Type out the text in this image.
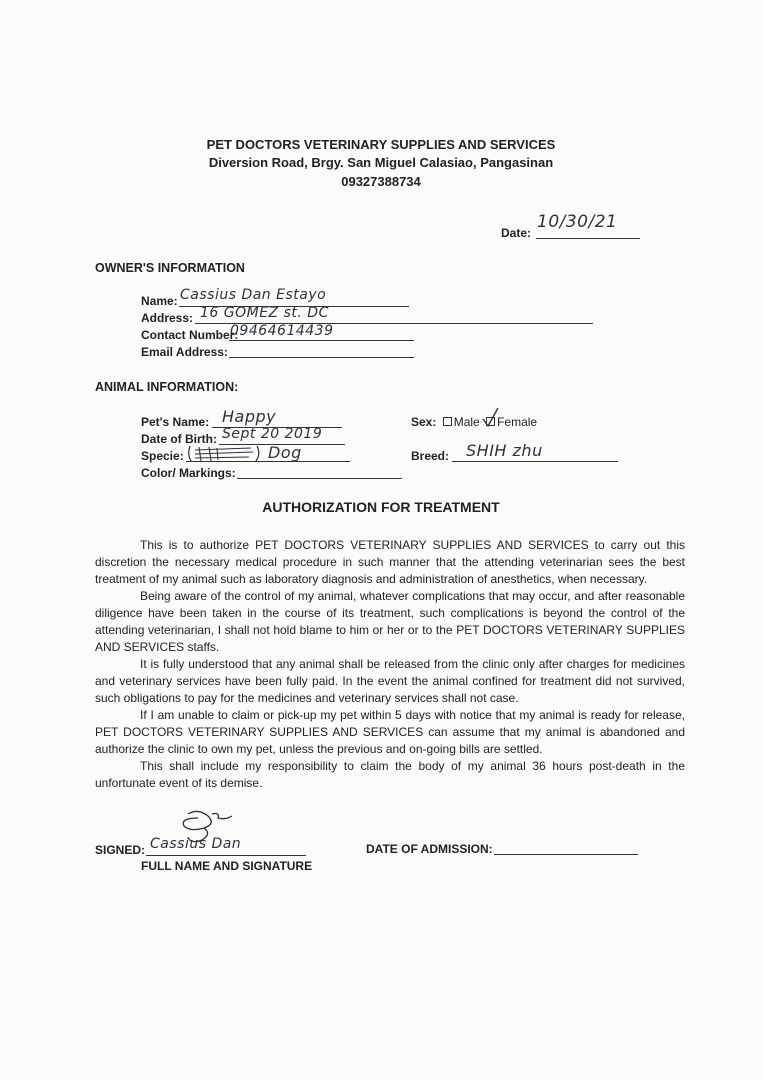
PET DOCTORS VETERINARY SUPPLIES AND SERVICES
Diversion Road, Brgy. San Miguel Calasiao, Pangasinan
09327388734
Date:
10/30/21
OWNER'S INFORMATION
Name: Cassius Dan Estayo
Address: 16 GOMEZ st. DC
Contact Number:
09464614439
Email Address:
ANIMAL INFORMATION:
Pet's Name: Happy
Date of Birth: Sept 20 2019
Specie:	Dog
Color/ Markings:
Sex: Male Female
Breed: SHIH zhu
AUTHORIZATION FOR TREATMENT

This is to authorize PET DOCTORS VETERINARY SUPPLIES AND SERVICES to carry out this discretion the necessary medical procedure in such manner that the attending veterinarian sees the best treatment of my animal such as laboratory diagnosis and administration of anesthetics, when necessary.

Being aware of the control of my animal, whatever complications that may occur, and after reasonable diligence have been taken in the course of its treatment, such complications is beyond the control of the attending veterinarian, I shall not hold blame to him or her or to the PET DOCTORS VETERINARY SUPPLIES AND SERVICES staffs.

It is fully understood that any animal shall be released from the clinic only after charges for medicines and veterinary services have been fully paid. In the event the animal confined for treatment did not survived, such obligations to pay for the medicines and veterinary services shall not case.

If I am unable to claim or pick-up my pet within 5 days with notice that my animal is ready for release, PET DOCTORS VETERINARY SUPPLIES AND SERVICES can assume that my animal is abandoned and authorize the clinic to own my pet, unless the previous and on-going bills are settled.

This shall include my responsibility to claim the body of my animal 36 hours post-death in the unfortunate event of its demise.

SIGNED: Cassius Dan
FULL NAME AND SIGNATURE
DATE OF ADMISSION:
